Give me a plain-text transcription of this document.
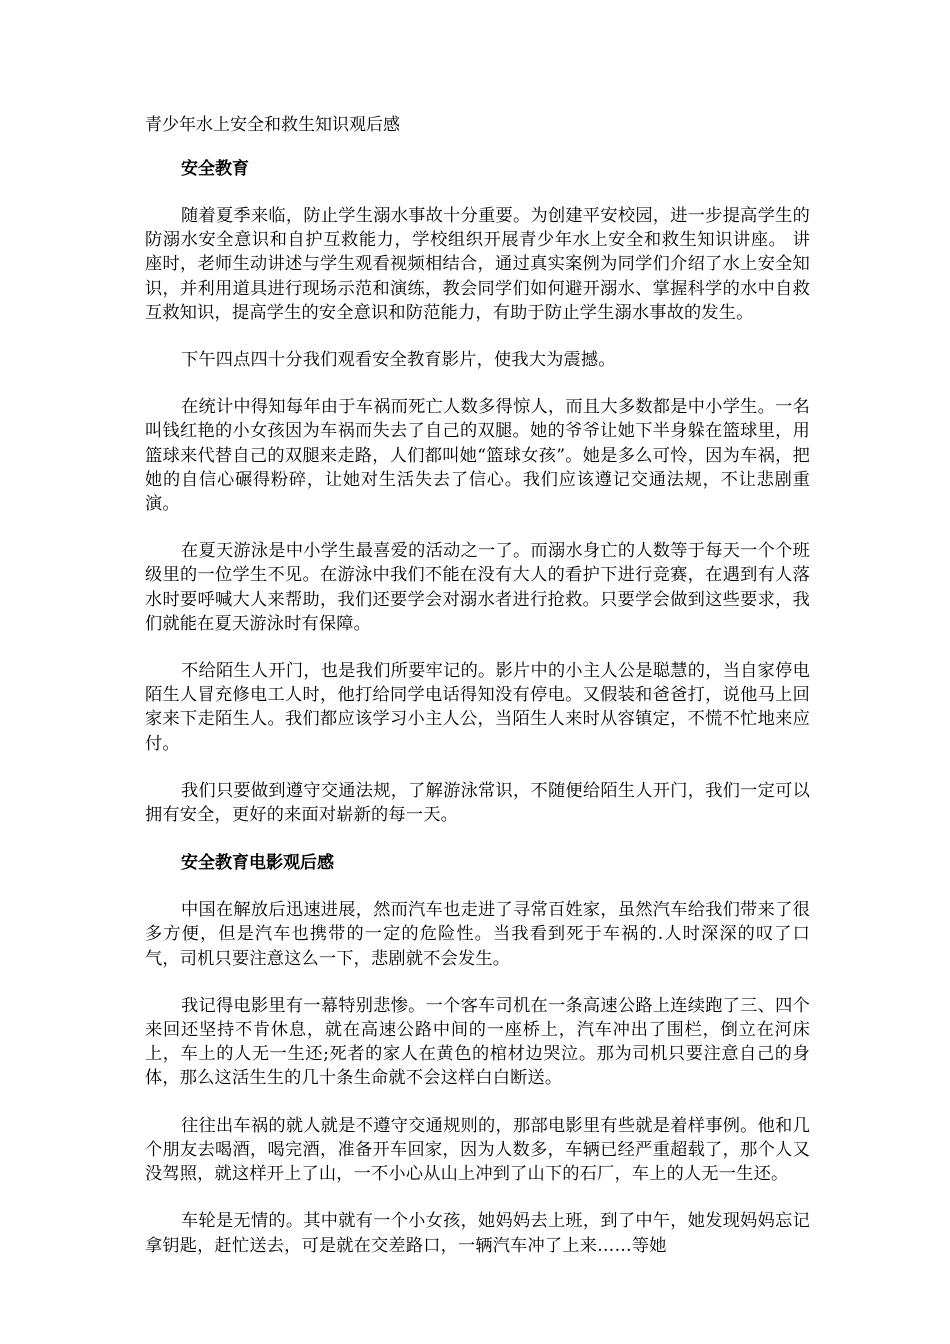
青少年水上安全和救生知识观后感

安全教育

随着夏季来临，防止学生溺水事故十分重要。为创建平安校园，进一步提高学生的防溺水安全意识和自护互救能力，学校组织开展青少年水上安全和救生知识讲座。 讲座时，老师生动讲述与学生观看视频相结合，通过真实案例为同学们介绍了水上安全知识，并利用道具进行现场示范和演练，教会同学们如何避开溺水、掌握科学的水中自救互救知识，提高学生的安全意识和防范能力，有助于防止学生溺水事故的发生。

下午四点四十分我们观看安全教育影片，使我大为震撼。

在统计中得知每年由于车祸而死亡人数多得惊人，而且大多数都是中小学生。一名叫钱红艳的小女孩因为车祸而失去了自己的双腿。她的爷爷让她下半身躲在篮球里，用篮球来代替自己的双腿来走路，人们都叫她“篮球女孩”。她是多么可怜，因为车祸，把她的自信心碾得粉碎，让她对生活失去了信心。我们应该遵记交通法规，不让悲剧重演。

在夏天游泳是中小学生最喜爱的活动之一了。而溺水身亡的人数等于每天一个个班级里的一位学生不见。在游泳中我们不能在没有大人的看护下进行竞赛，在遇到有人落水时要呼喊大人来帮助，我们还要学会对溺水者进行抢救。只要学会做到这些要求，我们就能在夏天游泳时有保障。

不给陌生人开门，也是我们所要牢记的。影片中的小主人公是聪慧的，当自家停电陌生人冒充修电工人时，他打给同学电话得知没有停电。又假装和爸爸打，说他马上回家来下走陌生人。我们都应该学习小主人公，当陌生人来时从容镇定，不慌不忙地来应付。

我们只要做到遵守交通法规，了解游泳常识，不随便给陌生人开门，我们一定可以拥有安全，更好的来面对崭新的每一天。

安全教育电影观后感

中国在解放后迅速进展，然而汽车也走进了寻常百姓家，虽然汽车给我们带来了很多方便，但是汽车也携带的一定的危险性。当我看到死于车祸的.人时深深的叹了口气，司机只要注意这么一下，悲剧就不会发生。

我记得电影里有一幕特别悲惨。一个客车司机在一条高速公路上连续跑了三、四个来回还坚持不肯休息，就在高速公路中间的一座桥上，汽车冲出了围栏，倒立在河床上，车上的人无一生还;死者的家人在黄色的棺材边哭泣。那为司机只要注意自己的身体，那么这活生生的几十条生命就不会这样白白断送。

往往出车祸的就人就是不遵守交通规则的，那部电影里有些就是着样事例。他和几个朋友去喝酒，喝完酒，准备开车回家，因为人数多，车辆已经严重超载了，那个人又没驾照，就这样开上了山，一不小心从山上冲到了山下的石厂，车上的人无一生还。

车轮是无情的。其中就有一个小女孩，她妈妈去上班，到了中午，她发现妈妈忘记拿钥匙，赶忙送去，可是就在交差路口，一辆汽车冲了上来……等她
